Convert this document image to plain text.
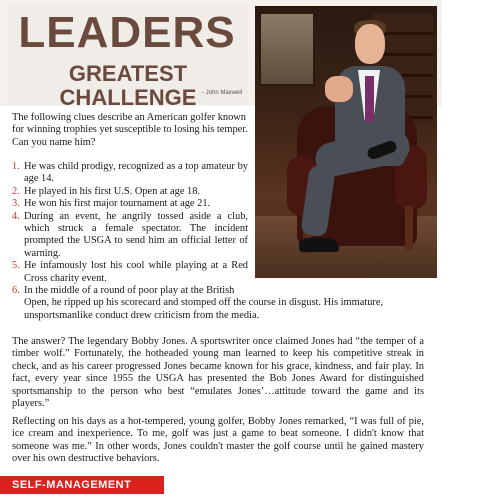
LEADERS
GREATEST CHALLENGE - John Maxwell
The following clues describe an American golfer known for winning trophies yet susceptible to losing his temper. Can you name him?
1. He was child prodigy, recognized as a top amateur by age 14.
2. He played in his first U.S. Open at age 18.
3. He won his first major tournament at age 21.
4. During an event, he angrily tossed aside a club, which struck a female spectator. The incident prompted the USGA to send him an official letter of warning.
5. He infamously lost his cool while playing at a Red Cross charity event.
6. In the middle of a round of poor play at the British
Open, he ripped up his scorecard and stomped off the course in disgust. His immature,
unsportsmanlike conduct drew criticism from the media.

The answer? The legendary Bobby Jones. A sportswriter once claimed Jones had “the temper of a timber wolf.” Fortunately, the hotheaded young man learned to keep his competitive streak in check, and as his career progressed Jones became known for his grace, kindness, and fair play. In fact, every year since 1955 the USGA has presented the Bob Jones Award for distinguished sportsmanship to the person who best “emulates Jones’…attitude toward the game and its players.”

Reflecting on his days as a hot-tempered, young golfer, Bobby Jones remarked, “I was full of pie, ice cream and inexperience. To me, golf was just a game to beat someone. I didn't know that someone was me.” In other words, Jones couldn't master the golf course until he gained mastery over his own destructive behaviors.

SELF-MANAGEMENT
